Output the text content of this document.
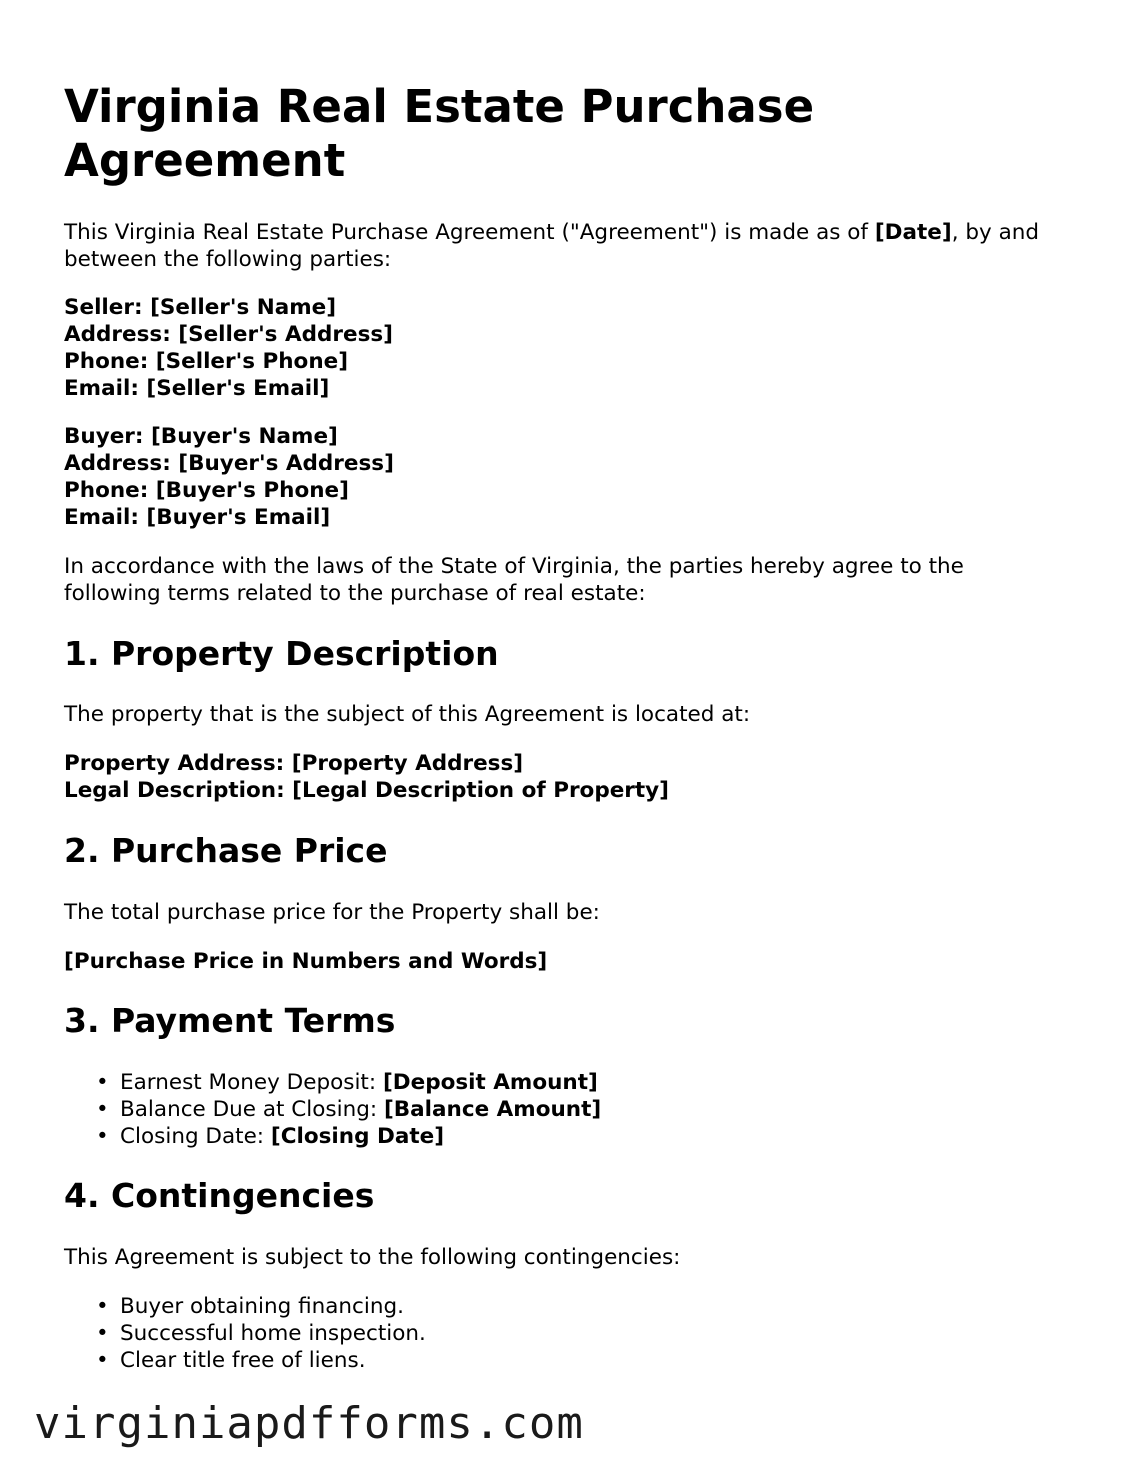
Virginia Real Estate Purchase Agreement

This Virginia Real Estate Purchase Agreement ("Agreement") is made as of [Date], by and between the following parties:

Seller: [Seller's Name]
Address: [Seller's Address]
Phone: [Seller's Phone]
Email: [Seller's Email]
Buyer: [Buyer's Name]
Address: [Buyer's Address]
Phone: [Buyer's Phone]
Email: [Buyer's Email]

In accordance with the laws of the State of Virginia, the parties hereby agree to the following terms related to the purchase of real estate:

1. Property Description

The property that is the subject of this Agreement is located at:

Property Address: [Property Address]
Legal Description: [Legal Description of Property]
2. Purchase Price

The total purchase price for the Property shall be:

[Purchase Price in Numbers and Words]

3. Payment Terms
• Earnest Money Deposit: [Deposit Amount]
• Balance Due at Closing: [Balance Amount]
• Closing Date: [Closing Date]
4. Contingencies

This Agreement is subject to the following contingencies:

• Buyer obtaining financing.
• Successful home inspection.
• Clear title free of liens.
virginiapdfforms.com
